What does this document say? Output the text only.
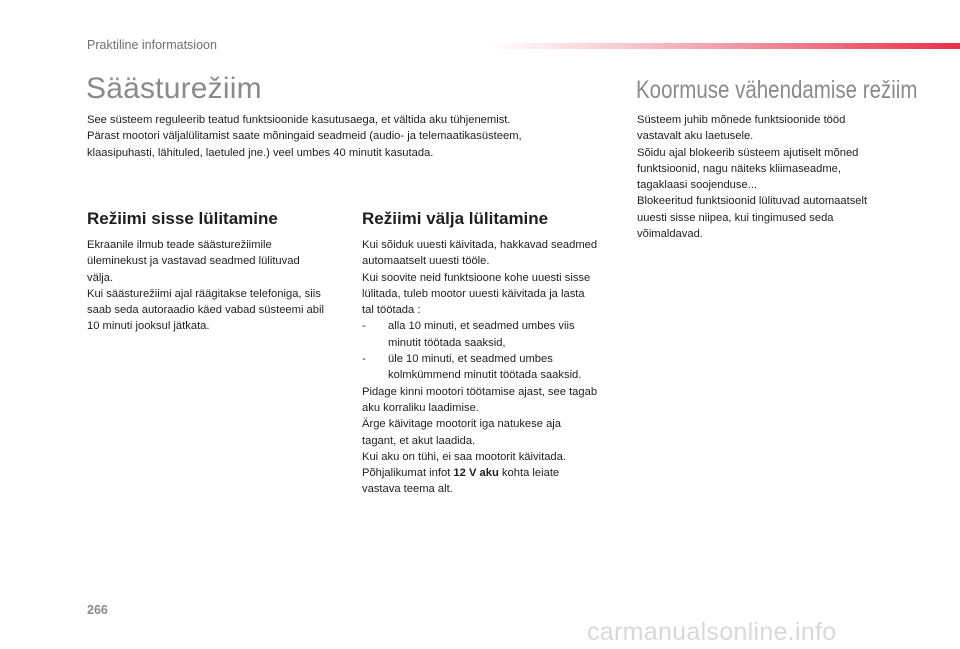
Praktiline informatsioon
Säästurežiim
See süsteem reguleerib teatud funktsioonide kasutusaega, et vältida aku tühjenemist.
Pärast mootori väljalülitamist saate mõningaid seadmeid (audio- ja telemaatikasüsteem,
klaasipuhasti, lähituled, laetuled jne.) veel umbes 40 minutit kasutada.
Koormuse vähendamise režiim
Süsteem juhib mõnede funktsioonide tööd
vastavalt aku laetusele.
Sõidu ajal blokeerib süsteem ajutiselt mõned
funktsioonid, nagu näiteks kliimaseadme,
tagaklaasi soojenduse...
Blokeeritud funktsioonid lülituvad automaatselt
uuesti sisse niipea, kui tingimused seda
võimaldavad.
Režiimi sisse lülitamine
Ekraanile ilmub teade säästurežiimile
üleminekust ja vastavad seadmed lülituvad
välja.
Kui säästurežiimi ajal räägitakse telefoniga, siis
saab seda autoraadio käed vabad süsteemi abil
10 minuti jooksul jätkata.
Režiimi välja lülitamine
Kui sõiduk uuesti käivitada, hakkavad seadmed
automaatselt uuesti tööle.
Kui soovite neid funktsioone kohe uuesti sisse
lülitada, tuleb mootor uuesti käivitada ja lasta
tal töötada :
-	alla 10 minuti, et seadmed umbes viis
minutit töötada saaksid,
-	üle 10 minuti, et seadmed umbes
kolmkümmend minutit töötada saaksid.
Pidage kinni mootori töötamise ajast, see tagab
aku korraliku laadimise.
Ärge käivitage mootorit iga natukese aja
tagant, et akut laadida.
Kui aku on tühi, ei saa mootorit käivitada.
Põhjalikumat infot 12 V aku kohta leiate
vastava teema alt.
266
carmanualsonline.info
